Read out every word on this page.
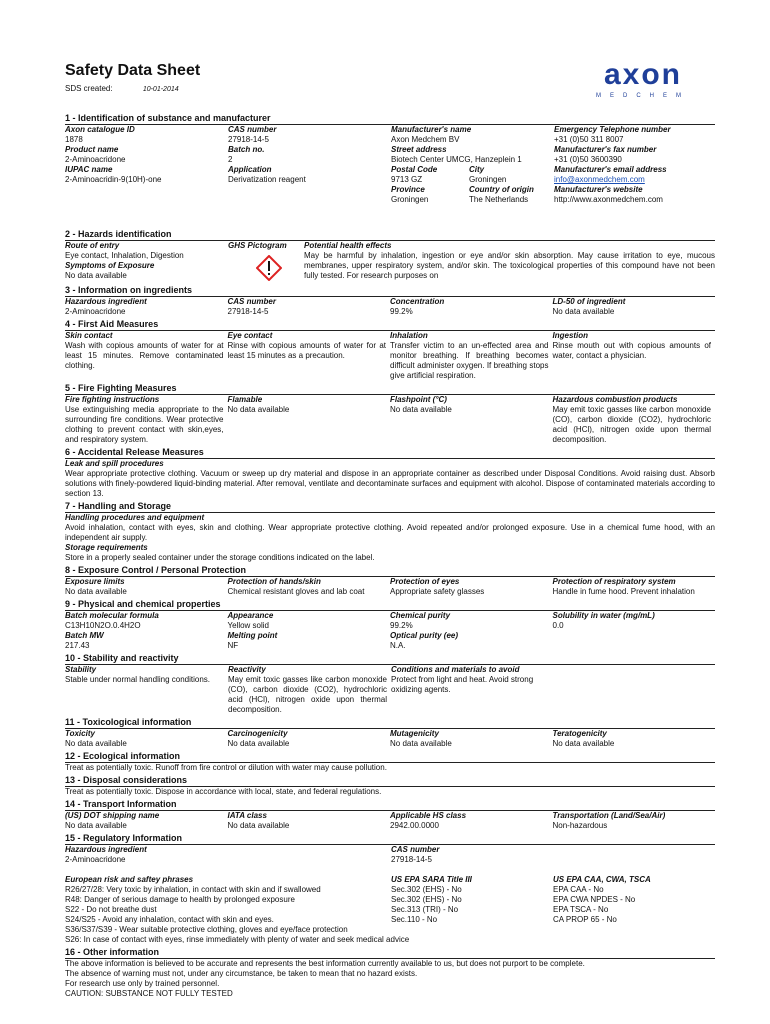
axon
MEDCHEM
Safety Data Sheet
SDS created:	10-01-2014
1 - Identification of substance and manufacturer
Axon catalogue ID
1878
Product name
2-Aminoacridone
IUPAC name
2-Aminoacridin-9(10H)-one
CAS number
27918-14-5
Batch no.
2
Application
Derivatization reagent
Manufacturer's name
Axon Medchem BV
Street address
Biotech Center UMCG, Hanzeplein 1
Postal Code
9713 GZ
Province
Groningen
City
Groningen
Country of origin
The Netherlands
Emergency Telephone number
+31 (0)50 311 8007
Manufacturer's fax number
+31 (0)50 3600390
Manufacturer's email address
info@axonmedchem.com
Manufacturer's website
http://www.axonmedchem.com
2 - Hazards identification
Route of entry
Eye contact, Inhalation, Digestion
Symptoms of Exposure
No data available
GHS Pictogram	Potential health effects
May be harmful by inhalation, ingestion or eye and/or skin absorption. May cause irritation to eye, mucous membranes, upper respiratory system, and/or skin. The toxicological properties of this compound have not been fully tested. For research purposes on
3 - Information on ingredients
Hazardous ingredient
2-Aminoacridone
CAS number
27918-14-5
Concentration
99.2%
LD-50 of ingredient
No data available
4 - First Aid Measures
Skin contact
Wash with copious amounts of water for at least 15 minutes. Remove contaminated clothing.
Eye contact
Rinse with copious amounts of water for at least 15 minutes as a precaution.
Inhalation
Transfer victim to an un-effected area and monitor breathing. If breathing becomes difficult administer oxygen. If breathing stops give artificial respiration.
Ingestion
Rinse mouth out with copious amounts of water, contact a physician.
5 - Fire Fighting Measures
Fire fighting instructions
Use extinguishing media appropriate to the surrounding fire conditions. Wear protective clothing to prevent contact with skin,eyes, and respiratory system.
Flamable
No data available
Flashpoint (°C)
No data available
Hazardous combustion products
May emit toxic gasses like carbon monoxide (CO), carbon dioxide (CO2), hydrochloric acid (HCl), nitrogen oxide upon thermal decomposition.
6 - Accidental Release Measures
Leak and spill procedures
Wear appropriate protective clothing. Vacuum or sweep up dry material and dispose in an appropriate container as described under Disposal Conditions. Avoid raising dust. Absorb solutions with finely-powdered liquid-binding material. After removal, ventilate and decontaminate surfaces and equipment with alcohol. Dispose of contaminated materials according to section 13.
7 - Handling and Storage
Handling procedures and equipment
Avoid inhalation, contact with eyes, skin and clothing. Wear appropriate protective clothing. Avoid repeated and/or prolonged exposure. Use in a chemical fume hood, with an independent air supply.
Storage requirements
Store in a properly sealed container under the storage conditions indicated on the label.
8 - Exposure Control / Personal Protection
Exposure limits
No data available
Protection of hands/skin
Chemical resistant gloves and lab coat
Protection of eyes
Appropriate safety glasses
Protection of respiratory system
Handle in fume hood. Prevent inhalation
9 - Physical and chemical properties
Batch molecular formula
C13H10N2O.0.4H2O
Batch MW
217.43
Appearance
Yellow solid
Melting point
NF
Chemical purity
99.2%
Optical purity (ee)
N.A.
Solubility in water (mg/mL)
0.0
10 - Stability and reactivity
Stability
Stable under normal handling conditions.
Reactivity
May emit toxic gasses like carbon monoxide (CO), carbon dioxide (CO2), hydrochloric acid (HCl), nitrogen oxide upon thermal decomposition.
Conditions and materials to avoid
Protect from light and heat. Avoid strong oxidizing agents.
11 - Toxicological information
Toxicity
No data available
Carcinogenicity
No data available
Mutagenicity
No data available
Teratogenicity
No data available
12 - Ecological information
Treat as potentially toxic. Runoff from fire control or dilution with water may cause pollution.
13 - Disposal considerations
Treat as potentially toxic. Dispose in accordance with local, state, and federal regulations.
14 - Transport Information
(US) DOT shipping name
No data available
IATA class
No data available
Applicable HS class
2942.00.0000
Transportation (Land/Sea/Air)
Non-hazardous
15 - Regulatory Information
Hazardous ingredient
2-Aminoacridone
CAS number
27918-14-5
European risk and saftey phrases
R26/27/28: Very toxic by inhalation, in contact with skin and if swallowed
R48: Danger of serious damage to health by prolonged exposure
S22 - Do not breathe dust
S24/S25 - Avoid any inhalation, contact with skin and eyes.
S36/S37/S39 - Wear suitable protective clothing, gloves and eye/face protection
S26: In case of contact with eyes, rinse immediately with plenty of water and seek medical advice
US EPA SARA Title III
Sec.302 (EHS) - No
Sec.302 (EHS) - No
Sec.313 (TRI) - No
Sec.110 - No
US EPA CAA, CWA, TSCA
EPA CAA - No
EPA CWA NPDES - No
EPA TSCA - No
CA PROP 65 - No
16 - Other information
The above information is believed to be accurate and represents the best information currently available to us, but does not purport to be complete.
The absence of warning must not, under any circumstance, be taken to mean that no hazard exists.
For research use only by trained personnel.
CAUTION: SUBSTANCE NOT FULLY TESTED
